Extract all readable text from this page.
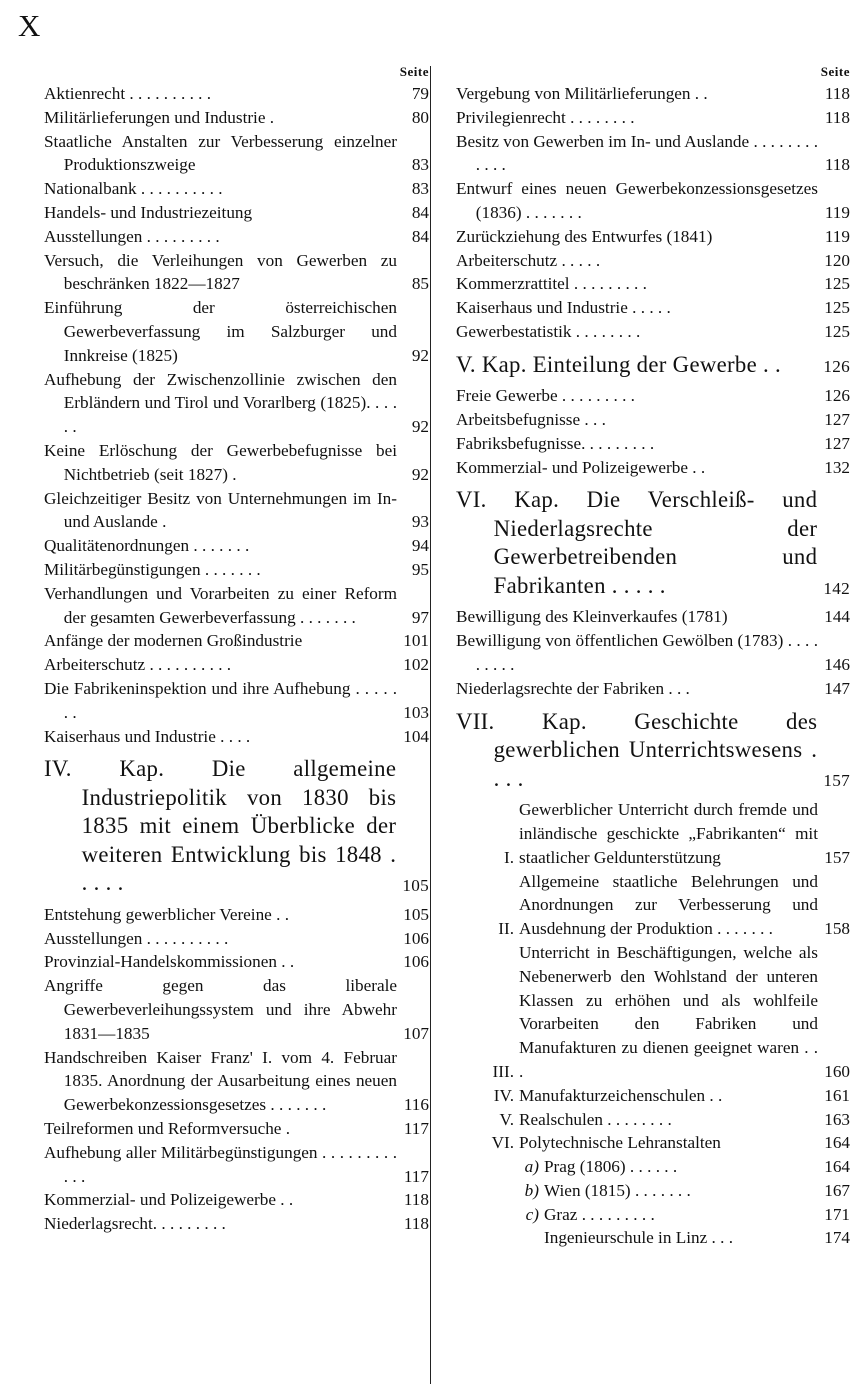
X
Seite
Aktienrecht . . . . . . . . . .	79
Militärlieferungen und Industrie .	80
Staatliche Anstalten zur Verbesserung einzelner Produktionszweige	83
Nationalbank . . . . . . . . . .	83
Handels- und Industriezeitung	84
Ausstellungen . . . . . . . . .	84
Versuch, die Verleihungen von Gewerben zu beschränken 1822—1827	85
Einführung der österreichischen Gewerbeverfassung im Salzburger und Innkreise (1825)	92
Aufhebung der Zwischenzollinie zwischen den Erbländern und Tirol und Vorarlberg (1825). . . . . .	92
Keine Erlöschung der Gewerbebefugnisse bei Nichtbetrieb (seit 1827) .	92
Gleichzeitiger Besitz von Unternehmungen im In- und Auslande .	93
Qualitätenordnungen . . . . . . .	94
Militärbegünstigungen . . . . . . .	95
Verhandlungen und Vorarbeiten zu einer Reform der gesamten Gewerbeverfassung . . . . . . .	97
Anfänge der modernen Großindustrie	101
Arbeiterschutz . . . . . . . . . .	102
Die Fabrikeninspektion und ihre Aufhebung . . . . . . .	103
Kaiserhaus und Industrie . . . .	104
IV. Kap. Die allgemeine Industriepolitik von 1830 bis 1835 mit einem Überblicke der weiteren Entwicklung bis 1848 . . . . .	105
Entstehung gewerblicher Vereine . .	105
Ausstellungen . . . . . . . . . .	106
Provinzial-Handelskommissionen . .	106
Angriffe gegen das liberale Gewerbeverleihungssystem und ihre Abwehr 1831—1835	107
Handschreiben Kaiser Franz' I. vom 4. Februar 1835. Anordnung der Ausarbeitung eines neuen Gewerbekonzessionsgesetzes . . . . . . .	116
Teilreformen und Reformversuche .	117
Aufhebung aller Militärbegünstigungen . . . . . . . . . . . .	117
Kommerzial- und Polizeigewerbe . .	118
Niederlagsrecht. . . . . . . . .	118
Seite
Vergebung von Militärlieferungen . .	118
Privilegienrecht . . . . . . . .	118
Besitz von Gewerben im In- und Auslande . . . . . . . . . . . .	118
Entwurf eines neuen Gewerbekonzessionsgesetzes (1836) . . . . . . .	119
Zurückziehung des Entwurfes (1841)	119
Arbeiterschutz . . . . .	120
Kommerzrattitel . . . . . . . . .	125
Kaiserhaus und Industrie . . . . .	125
Gewerbestatistik . . . . . . . .	125
V. Kap. Einteilung der Gewerbe . .	126
Freie Gewerbe . . . . . . . . .	126
Arbeitsbefugnisse . . .	127
Fabriksbefugnisse. . . . . . . . .	127
Kommerzial- und Polizeigewerbe . .	132
VI. Kap. Die Verschleiß- und Niederlagsrechte der Gewerbetreibenden und Fabrikanten . . . . .	142
Bewilligung des Kleinverkaufes (1781)	144
Bewilligung von öffentlichen Gewölben (1783) . . . . . . . . .	146
Niederlagsrechte der Fabriken . . .	147
VII. Kap. Geschichte des gewerblichen Unterrichtswesens . . . .	157
I.
Gewerblicher Unterricht durch fremde und inländische geschickte „Fabrikanten“ mit staatlicher Geldunterstützung	157
II.
Allgemeine staatliche Belehrungen und Anordnungen zur Verbesserung und Ausdehnung der Produktion . . . . . . .	158
III.
Unterricht in Beschäftigungen, welche als Nebenerwerb den Wohlstand der unteren Klassen zu erhöhen und als wohlfeile Vorarbeiten den Fabriken und Manufakturen zu dienen geeignet waren . . .	160
IV. Manufakturzeichenschulen . .	161
V. Realschulen . . . . . . . .	163
VI. Polytechnische Lehranstalten	164
a) Prag (1806) . . . . . .	164
b) Wien (1815) . . . . . . .	167
c) Graz . . . . . . . . .	171
Ingenieurschule in Linz . . .	174
